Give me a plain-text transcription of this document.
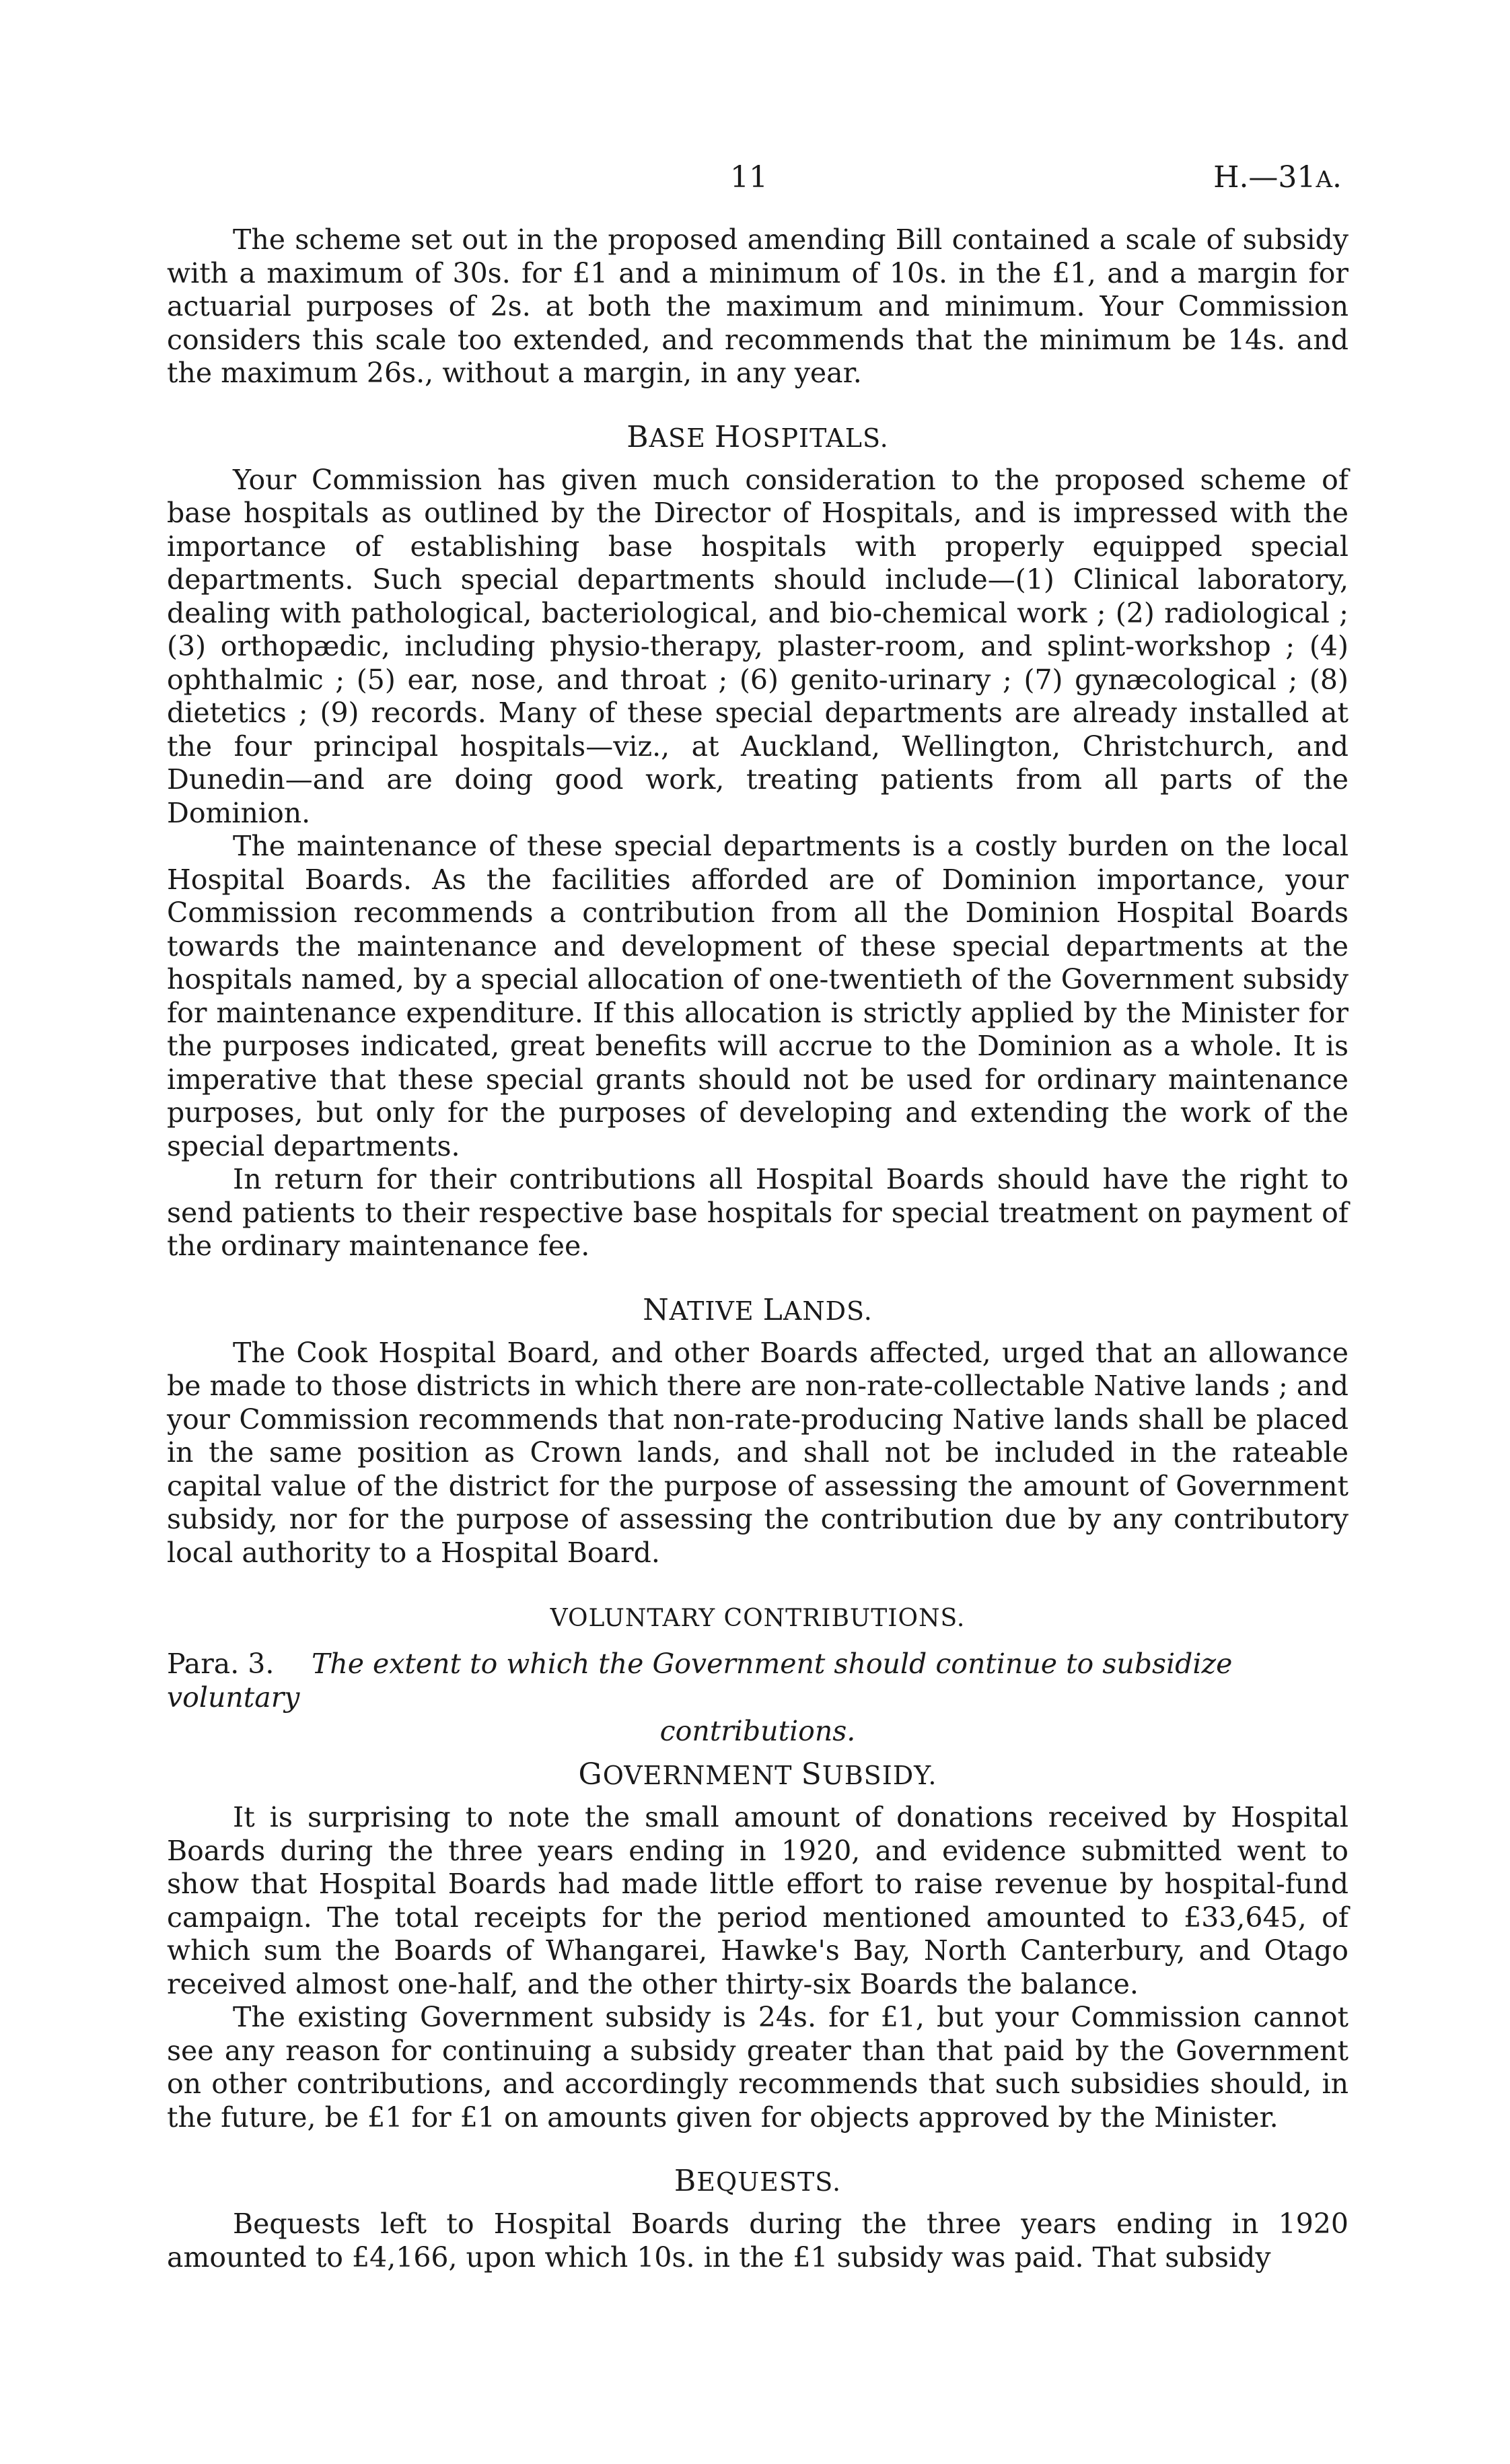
11	H.—31A.

The scheme set out in the proposed amending Bill contained a scale of subsidy with a maximum of 30s. for £1 and a minimum of 10s. in the £1, and a margin for actuarial purposes of 2s. at both the maximum and minimum. Your Commission considers this scale too extended, and recommends that the minimum be 14s. and the maximum 26s., without a margin, in any year.

BASE HOSPITALS.

Your Commission has given much consideration to the proposed scheme of base hospitals as outlined by the Director of Hospitals, and is impressed with the importance of establishing base hospitals with properly equipped special departments. Such special departments should include—(1) Clinical laboratory, dealing with pathological, bacteriological, and bio-chemical work ; (2) radiological ; (3) orthopædic, including physio-therapy, plaster-room, and splint-workshop ; (4) ophthalmic ; (5) ear, nose, and throat ; (6) genito-urinary ; (7) gynæcological ; (8) dietetics ; (9) records. Many of these special departments are already installed at the four principal hospitals—viz., at Auckland, Wellington, Christchurch, and Dunedin—and are doing good work, treating patients from all parts of the Dominion.

The maintenance of these special departments is a costly burden on the local Hospital Boards. As the facilities afforded are of Dominion importance, your Commission recommends a contribution from all the Dominion Hospital Boards towards the maintenance and development of these special departments at the hospitals named, by a special allocation of one-twentieth of the Government subsidy for maintenance expenditure. If this allocation is strictly applied by the Minister for the purposes indicated, great benefits will accrue to the Dominion as a whole. It is imperative that these special grants should not be used for ordinary maintenance purposes, but only for the purposes of developing and extending the work of the special departments.

In return for their contributions all Hospital Boards should have the right to send patients to their respective base hospitals for special treatment on payment of the ordinary maintenance fee.

NATIVE LANDS.

The Cook Hospital Board, and other Boards affected, urged that an allowance be made to those districts in which there are non-rate-collectable Native lands ; and your Commission recommends that non-rate-producing Native lands shall be placed in the same position as Crown lands, and shall not be included in the rateable capital value of the district for the purpose of assessing the amount of Government subsidy, nor for the purpose of assessing the contribution due by any contributory local authority to a Hospital Board.

VOLUNTARY CONTRIBUTIONS.
Para. 3. The extent to which the Government should continue to subsidize voluntary
contributions.
GOVERNMENT SUBSIDY.

It is surprising to note the small amount of donations received by Hospital Boards during the three years ending in 1920, and evidence submitted went to show that Hospital Boards had made little effort to raise revenue by hospital-fund campaign. The total receipts for the period mentioned amounted to £33,645, of which sum the Boards of Whangarei, Hawke's Bay, North Canterbury, and Otago received almost one-half, and the other thirty-six Boards the balance.

The existing Government subsidy is 24s. for £1, but your Commission cannot see any reason for continuing a subsidy greater than that paid by the Government on other contributions, and accordingly recommends that such subsidies should, in the future, be £1 for £1 on amounts given for objects approved by the Minister.

BEQUESTS.

Bequests left to Hospital Boards during the three years ending in 1920 amounted to £4,166, upon which 10s. in the £1 subsidy was paid. That subsidy
